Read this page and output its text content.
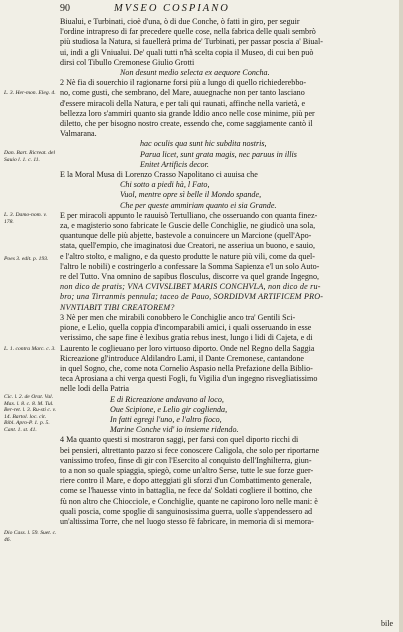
90	MVSEO COSPIANO
L. 3. Her-mon. Eleg. 4.
Dan. Bart. Ricreat. del Sauio l. 1. c. 11.
L. 3. Damo-nom. v. 178.
Poes 3. edit. p. 193.
L. 1. contra Marc. c. 3.
Cic. l. 2. de Orat. Val. Max. l. 8. c. 8. M. Tul. Ber-ret. l. 3. Ru-sti c. v. 14. Bartol. loc. cit. Bibl. Apro-P. 1. p. 5. Cant. 1. st. 41.
Dio Cass. l. 59. Suet. c. 46.

Biualui, e Turbinati, cioè d'una, ò di due Conche, ò fatti in giro, per seguir
l'ordine intrapreso di far precedere quelle cose, nella fabrica delle quali sembrò
più studiosa la Natura, si fauellerà prima de' Turbinati, per passar poscia a' Biual-
ui, indi a gli Vniualui. De' quali tutti n'hà scelta copia il Museo, di cui ben può
dirsi col Tibullo Cremonese Giulio Grotti

Non desunt medio selecta ex aequore Concha.

2 Nè fia di souerchio il ragionarne forsi più a lungo di quello richiederebbo-
no, come gusti, che sembrano, del Mare, auuegnache non per tanto lasciano
d'essere miracoli della Natura, e per tali qui raunati, affinche nella varietà, e
bellezza loro s'ammiri quanto sia grande Iddio anco nelle cose minime, più per
diletto, che per bisogno nostro create, essendo che, come saggiamente cantò il
Valmarana.

hac oculis qua sunt hic subdita nostris,
Parua licet, sunt grata magis, nec paruus in illis
Enitet Artificis decor.

E la Moral Musa di Lorenzo Crasso Napolitano ci auuisa che

Chi sotto a piedi hà, l Fato,
Vuol, mentre opre sì belle il Mondo spande,
Che per queste ammiriam quanto ei sia Grande.

E per miracoli appunto le rauuisò Tertulliano, che osseruando con quanta finez-
za, e magisterio sono fabricate le Guscie delle Conchiglie, ne giudicò una sola,
quantunque delle più abjette, bastevole a conuincere un Marcione (quell'Apo-
stata, quell'empio, che imaginatosi due Creatori, ne asseriua un buono, e sauio,
e l'altro stolto, e maligno, e da questo produtte le nature più vili, come da quel-
l'altro le nobili) e costringerlo a confessare la Somma Sapienza e'l un solo Auto-
re del Tutto. Vna omnino de sapibus flosculus, discorre va quel grande Ingegno,
non dico de pratis; VNA CVIVSLIBET MARIS CONCHVLA, non dico de ru-
bro; una Tirranmis pennula; taceo de Pauo, SORDIDVM ARTIFICEM PRO-
NVNTIABIT TIBI CREATOREM?

3 Nè per men che mirabili conobbero le Conchiglie anco tra' Gentili Sci-
pione, e Lelio, quella coppia d'incomparabili amici, i quali osseruando in esse
verissimo, che sape fine è lexibus gratia rebus inest, lungo i lidi di Cajeta, e di
Laurento le coglieuano per loro virtuoso diporto. Onde nel Regno della Saggia
Ricreazione gl'introduce Aldilandro Lami, il Dante Cremonese, cantandone
in quel Sogno, che, come nota Cornelio Aspasio nella Prefazione della Biblio-
teca Aprosiana a chi verga questi Fogli, fu Vigilia d'un ingegno risvegliatissimo
nelle lodi della Patria

E di Ricreazione andavano al loco,
Oue Scipione, e Lelio gir coglienda,
In fatti egregi l'uno, e l'altro fioco,
Marine Conche vid' io insieme ridendo.

4 Ma quanto questi si mostraron saggi, per farsi con quel diporto ricchi di
bei pensieri, altrettanto pazzo si fece conoscere Caligola, che solo per riportarne
vanissimo trofeo, finse di gir con l'Esercito al conquisto dell'Inghilterra, giun-
to a non so quale spiaggia, spiegò, come un'altro Serse, tutte le sue forze guer-
riere contro il Mare, e dopo atteggiati gli sforzi d'un Combattimento generale,
come se l'hauesse vinto in battaglia, ne fece da' Soldati cogliere il bottino, che
fù non altro che Chiocciole, e Conchiglie, quante ne capirono loro nelle mani: è
quali poscia, come spoglie di sanguinosissima guerra, uolle s'appendessero ad
un'altissima Torre, che nel luogo stesso fè fabricare, in memoria di si memora-

bile
